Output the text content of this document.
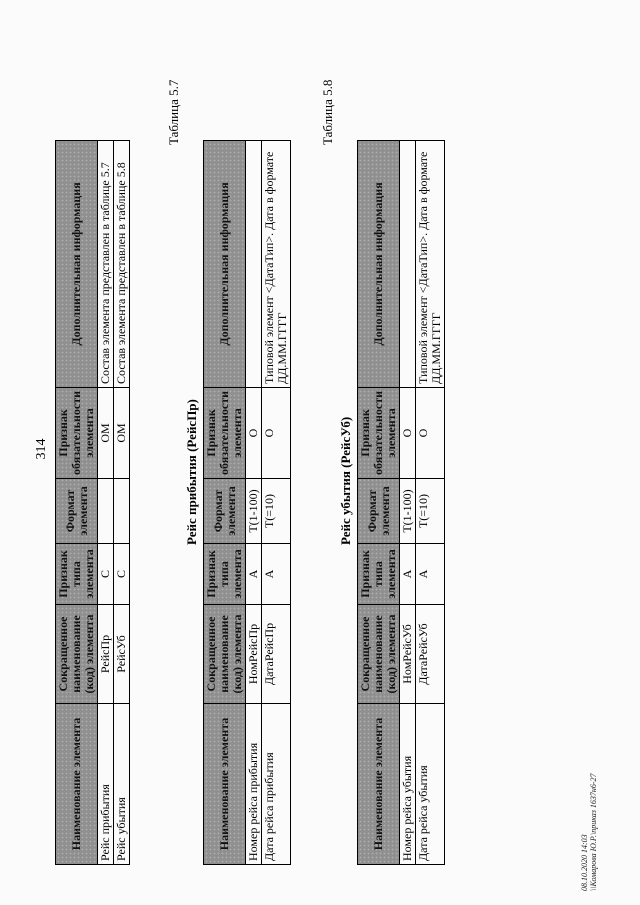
314
Наименование элемента	Сокращенное наименование (код) элемента	Признак типа элемента	Формат элемента	Признак обязательности элемента	Дополнительная информация
Рейс прибытия	РейсПр	С		ОМ	Состав элемента представлен в таблице 5.7
Рейс убытия	РейсУб	С		ОМ	Состав элемента представлен в таблице 5.8
Таблица 5.7
Рейс прибытия (РейсПр)
Наименование элемента	Сокращенное наименование (код) элемента	Признак типа элемента	Формат элемента	Признак обязательности элемента	Дополнительная информация
Номер рейса прибытия	НомРейсПр	А	Т(1-100)	О	
Дата рейса прибытия	ДатаРейсПр	А	Т(=10)	О	Типовой элемент <ДатаТип>. Дата в формате ДД.ММ.ГГГГ
Таблица 5.8
Рейс убытия (РейсУб)
Наименование элемента	Сокращенное наименование (код) элемента	Признак типа элемента	Формат элемента	Признак обязательности элемента	Дополнительная информация
Номер рейса убытия	НомРейсУб	А	Т(1-100)	О	
Дата рейса убытия	ДатаРейсУб	А	Т(=10)	О	Типовой элемент <ДатаТип>. Дата в формате ДД.ММ.ГГГГ
08.10.2020 14:03 \\Комарова Ю.Р.\приказ 1637н6-27
